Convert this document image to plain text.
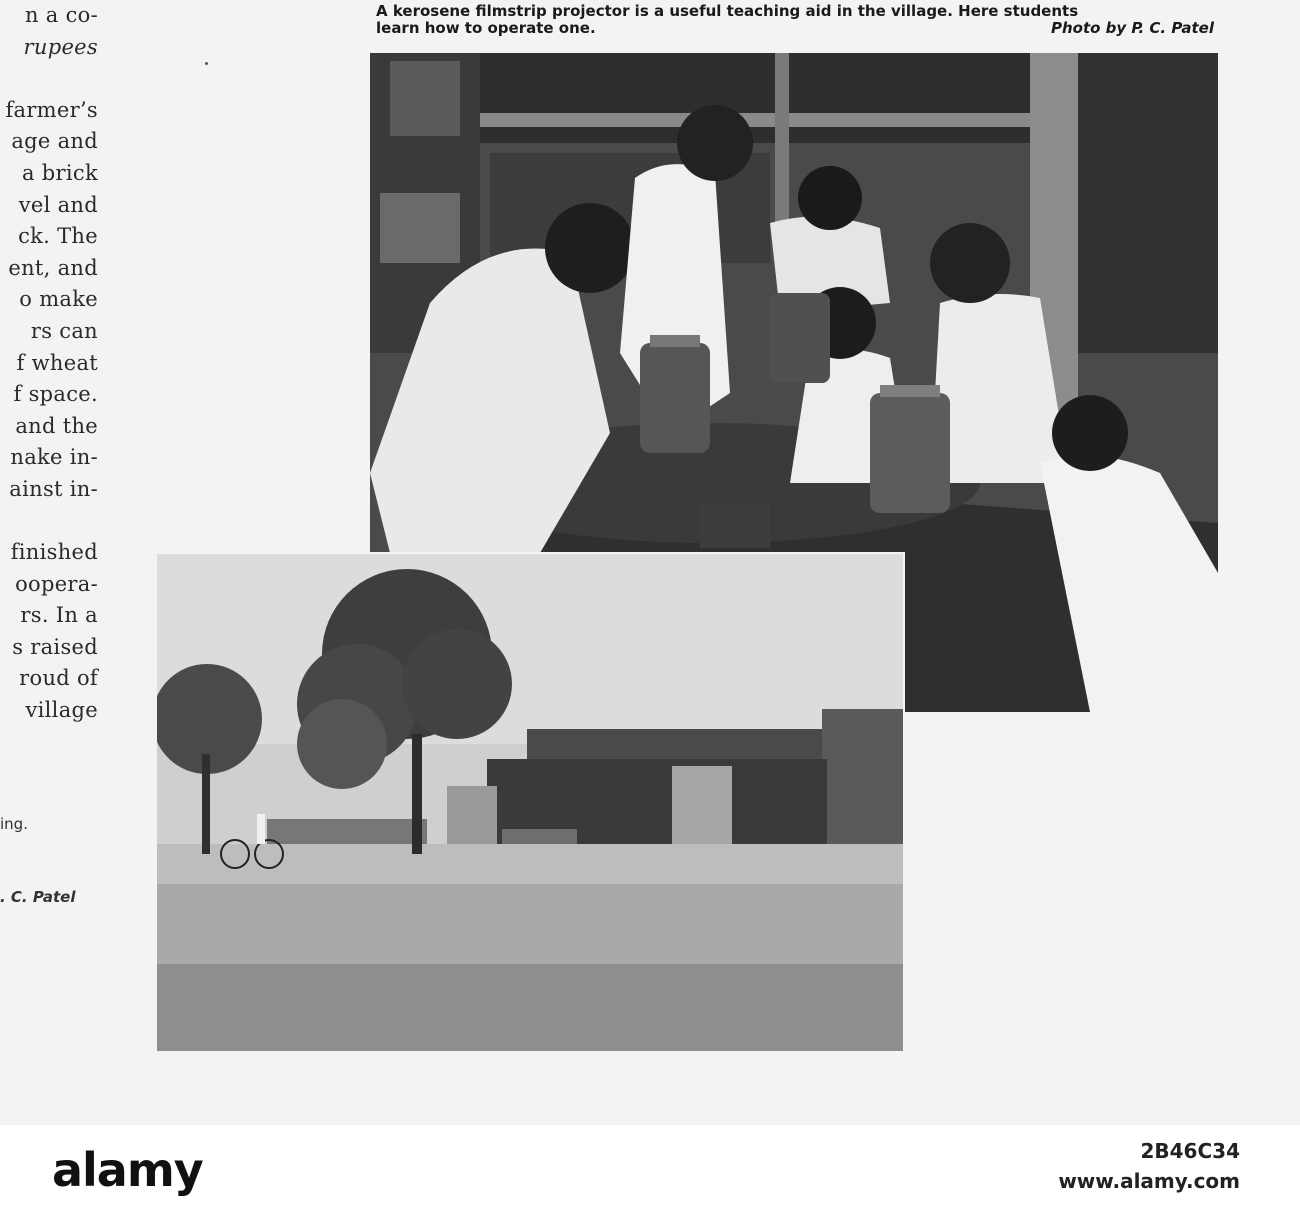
n a co-
rupees
farmer’s
age and
a brick
vel and
ck. The
ent, and
o make
rs can
f wheat
f space.
and the
nake in-
ainst in-
finished
oopera-
rs. In a
s raised
roud of
village
ing.
. C. Patel
A kerosene filmstrip projector is a useful teaching aid in the village. Here students
learn how to operate one.	Photo by P. C. Patel
alamy	2B46C34
www.alamy.com
